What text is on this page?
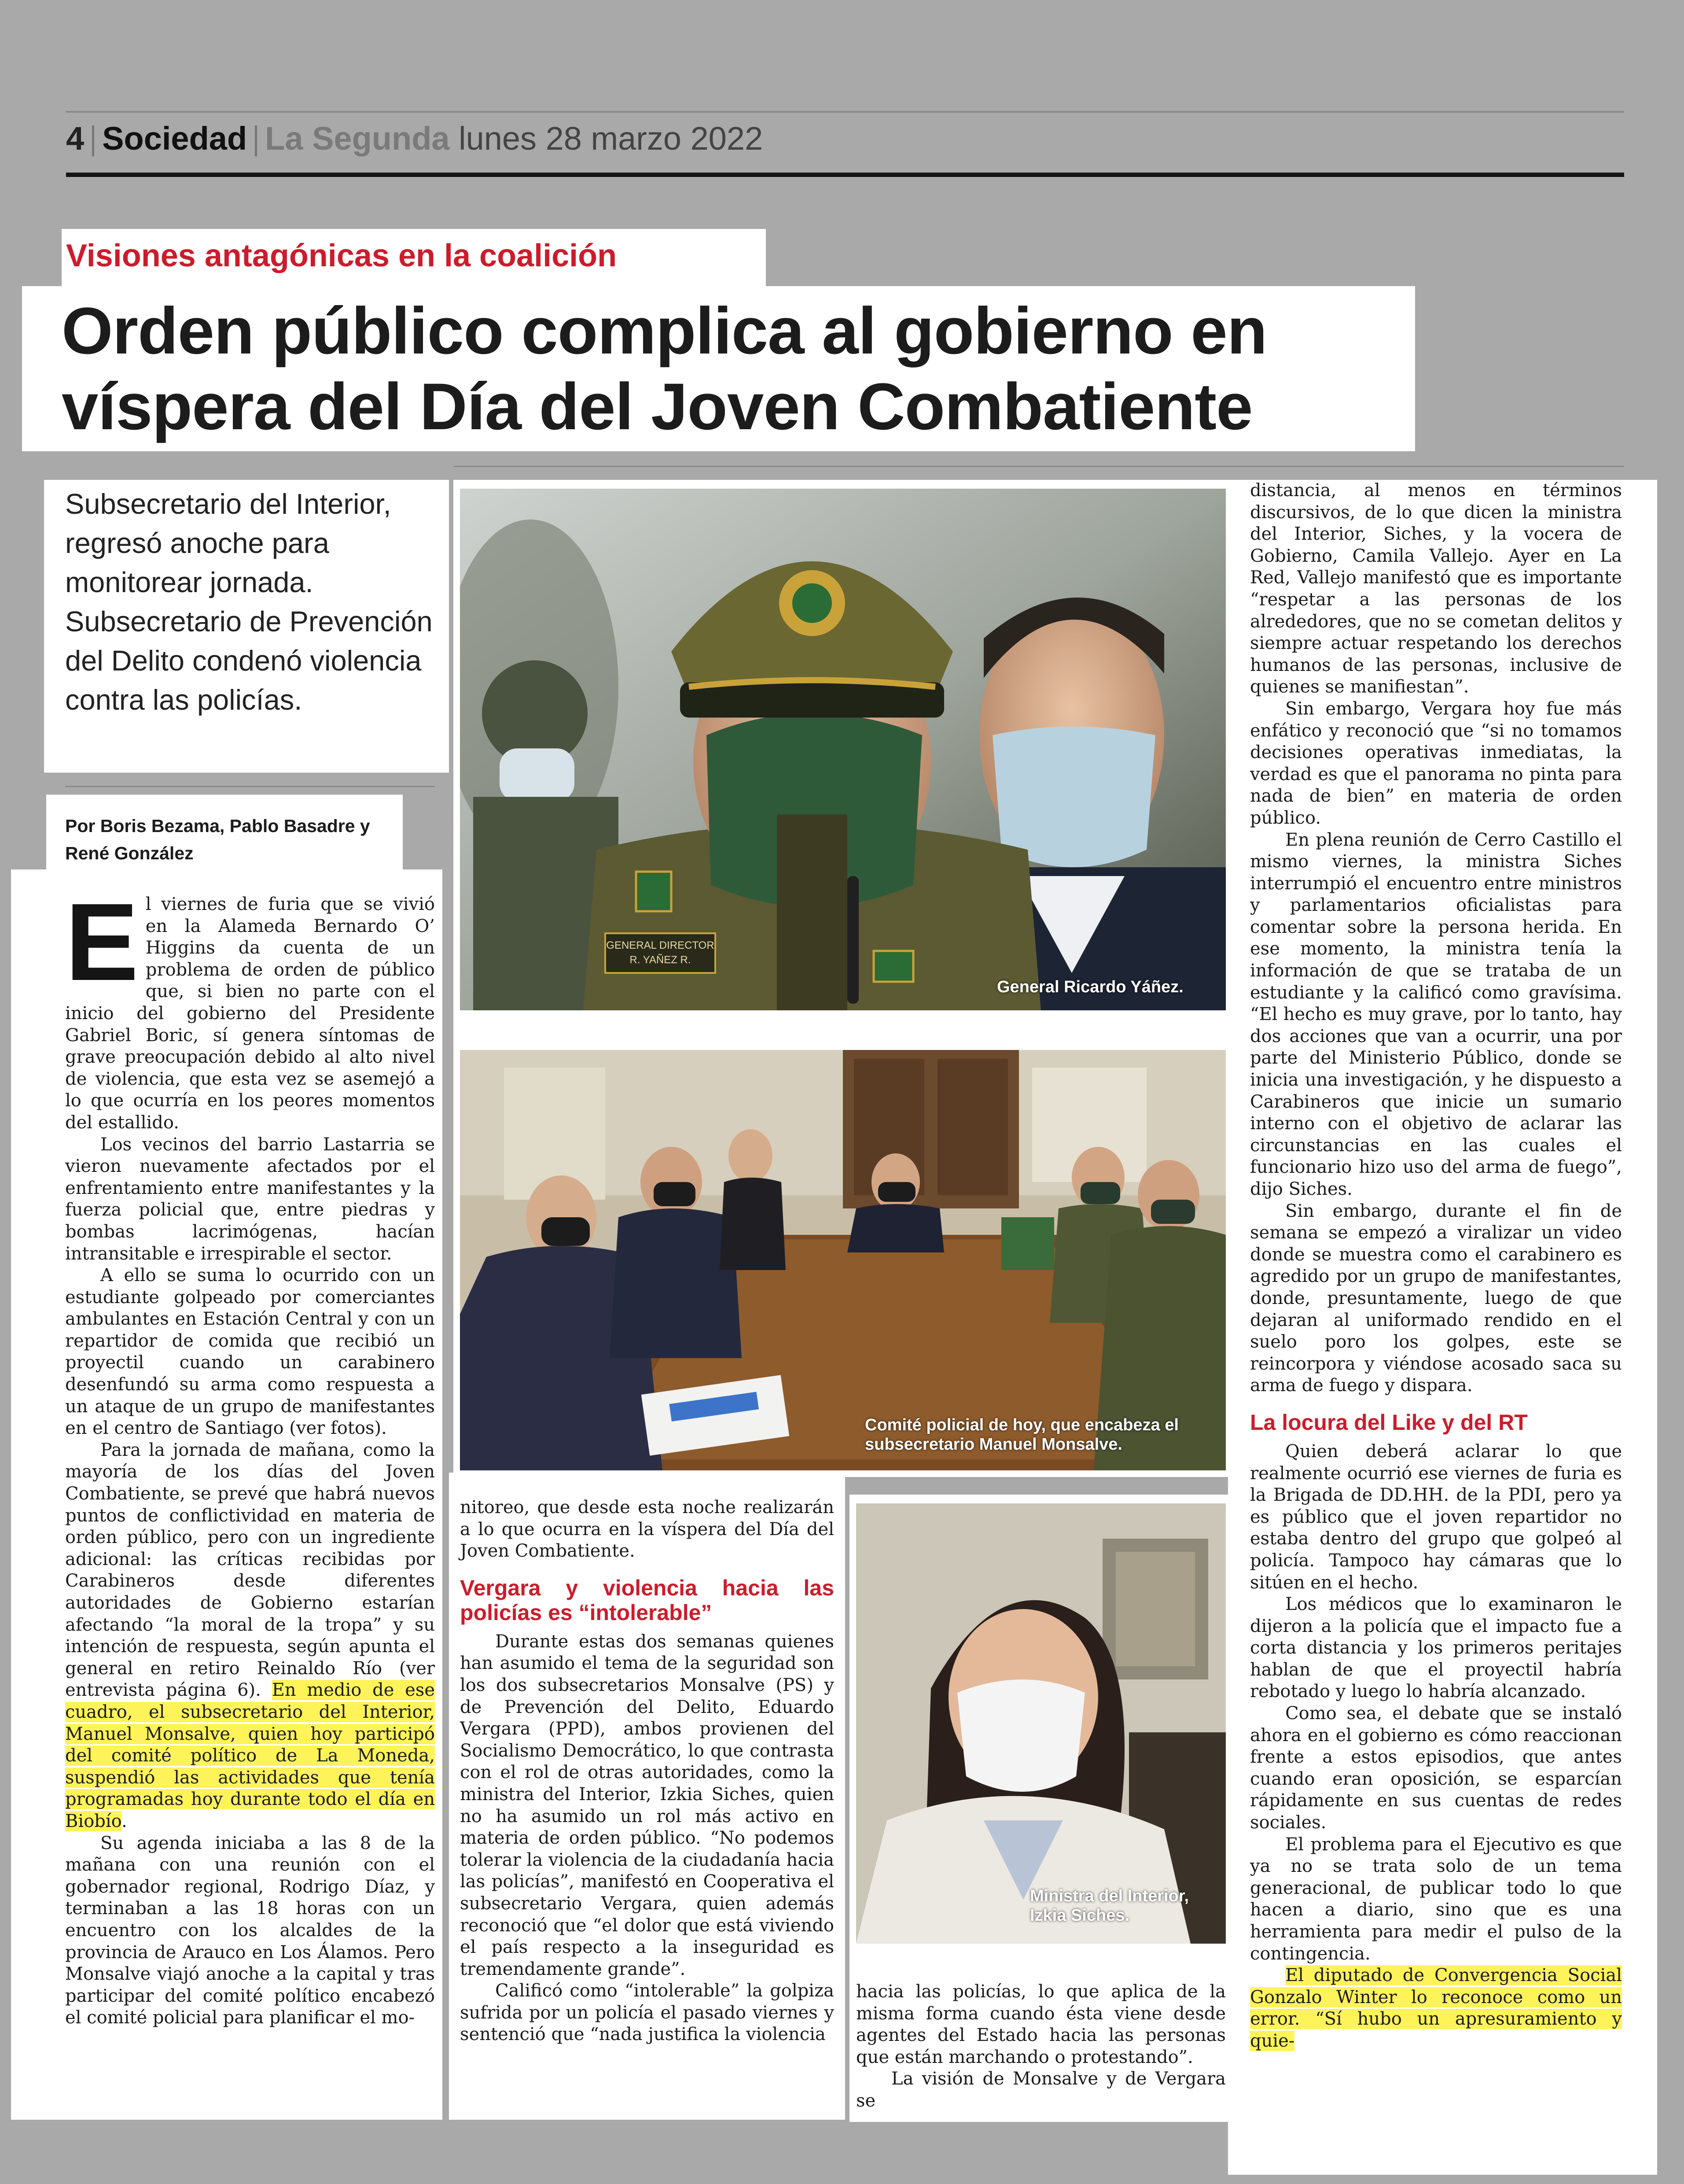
4 Sociedad La Segunda lunes 28 marzo 2022
Visiones antagónicas en la coalición
Orden público complica al gobierno en
víspera del Día del Joven Combatiente
Subsecretario del Interior, regresó anoche para monitorear jornada. Subsecretario de Prevención del Delito condenó violencia contra las policías.
Por Boris Bezama, Pablo Basadre y
René González

El viernes de furia que se vivió en la Alameda Bernardo O’ Higgins da cuenta de un problema de orden de público que, si bien no parte con el inicio del gobierno del Presidente Gabriel Boric, sí genera síntomas de grave preocupación debido al alto nivel de violencia, que esta vez se asemejó a lo que ocurría en los peores momentos del estallido.

Los vecinos del barrio Lastarria se vieron nuevamente afectados por el enfrentamiento entre manifestantes y la fuerza policial que, entre piedras y bombas lacrimógenas, hacían intransitable e irrespirable el sector.

A ello se suma lo ocurrido con un estudiante golpeado por comerciantes ambulantes en Estación Central y con un repartidor de comida que recibió un proyectil cuando un carabinero desenfundó su arma como respuesta a un ataque de un grupo de manifestantes en el centro de Santiago (ver fotos).

Para la jornada de mañana, como la mayoría de los días del Joven Combatiente, se prevé que habrá nuevos puntos de conflictividad en materia de orden público, pero con un ingrediente adicional: las críticas recibidas por Carabineros desde diferentes autoridades de Gobierno estarían afectando “la moral de la tropa” y su intención de respuesta, según apunta el general en retiro Reinaldo Río (ver entrevista página 6). En medio de ese cuadro, el subsecretario del Interior, Manuel Monsalve, quien hoy participó del comité político de La Moneda, suspendió las actividades que tenía programadas hoy durante todo el día en Biobío.

Su agenda iniciaba a las 8 de la mañana con una reunión con el gobernador regional, Rodrigo Díaz, y terminaban a las 18 horas con un encuentro con los alcaldes de la provincia de Arauco en Los Álamos. Pero Monsalve viajó anoche a la capital y tras participar del comité político encabezó el comité policial para planificar el mo-

GENERAL DIRECTOR
R. YAÑEZ R.
General Ricardo Yáñez.
Comité policial de hoy, que encabeza el
subsecretario Manuel Monsalve.

nitoreo, que desde esta noche realizarán a lo que ocurra en la víspera del Día del Joven Combatiente.

Vergara y violencia hacia las policías es “intolerable”

Durante estas dos semanas quienes han asumido el tema de la seguridad son los dos subsecretarios Monsalve (PS) y de Prevención del Delito, Eduardo Vergara (PPD), ambos provienen del Socialismo Democrático, lo que contrasta con el rol de otras autoridades, como la ministra del Interior, Izkia Siches, quien no ha asumido un rol más activo en materia de orden público. “No podemos tolerar la violencia de la ciudadanía hacia las policías”, manifestó en Cooperativa el subsecretario Vergara, quien además reconoció que “el dolor que está viviendo el país respecto a la inseguridad es tremendamente grande”.

Calificó como “intolerable” la golpiza sufrida por un policía el pasado viernes y sentenció que “nada justifica la violencia

Ministra del Interior,
Izkia Siches.

hacia las policías, lo que aplica de la misma forma cuando ésta viene desde agentes del Estado hacia las personas que están marchando o protestando”.

La visión de Monsalve y de Vergara se

distancia, al menos en términos discursivos, de lo que dicen la ministra del Interior, Siches, y la vocera de Gobierno, Camila Vallejo. Ayer en La Red, Vallejo manifestó que es importante “respetar a las personas de los alrededores, que no se cometan delitos y siempre actuar respetando los derechos humanos de las personas, inclusive de quienes se manifiestan”.

Sin embargo, Vergara hoy fue más enfático y reconoció que “si no tomamos decisiones operativas inmediatas, la verdad es que el panorama no pinta para nada de bien” en materia de orden público.

En plena reunión de Cerro Castillo el mismo viernes, la ministra Siches interrumpió el encuentro entre ministros y parlamentarios oficialistas para comentar sobre la persona herida. En ese momento, la ministra tenía la información de que se trataba de un estudiante y la calificó como gravísima. “El hecho es muy grave, por lo tanto, hay dos acciones que van a ocurrir, una por parte del Ministerio Público, donde se inicia una investigación, y he dispuesto a Carabineros que inicie un sumario interno con el objetivo de aclarar las circunstancias en las cuales el funcionario hizo uso del arma de fuego”, dijo Siches.

Sin embargo, durante el fin de semana se empezó a viralizar un video donde se muestra como el carabinero es agredido por un grupo de manifestantes, donde, presuntamente, luego de que dejaran al uniformado rendido en el suelo poro los golpes, este se reincorpora y viéndose acosado saca su arma de fuego y dispara.

La locura del Like y del RT

Quien deberá aclarar lo que realmente ocurrió ese viernes de furia es la Brigada de DD.HH. de la PDI, pero ya es público que el joven repartidor no estaba dentro del grupo que golpeó al policía. Tampoco hay cámaras que lo sitúen en el hecho.

Los médicos que lo examinaron le dijeron a la policía que el impacto fue a corta distancia y los primeros peritajes hablan de que el proyectil habría rebotado y luego lo habría alcanzado.

Como sea, el debate que se instaló ahora en el gobierno es cómo reaccionan frente a estos episodios, que antes cuando eran oposición, se esparcían rápidamente en sus cuentas de redes sociales.

El problema para el Ejecutivo es que ya no se trata solo de un tema generacional, de publicar todo lo que hacen a diario, sino que es una herramienta para medir el pulso de la contingencia.

El diputado de Convergencia Social Gonzalo Winter lo reconoce como un error. “Sí hubo un apresuramiento y quie-
